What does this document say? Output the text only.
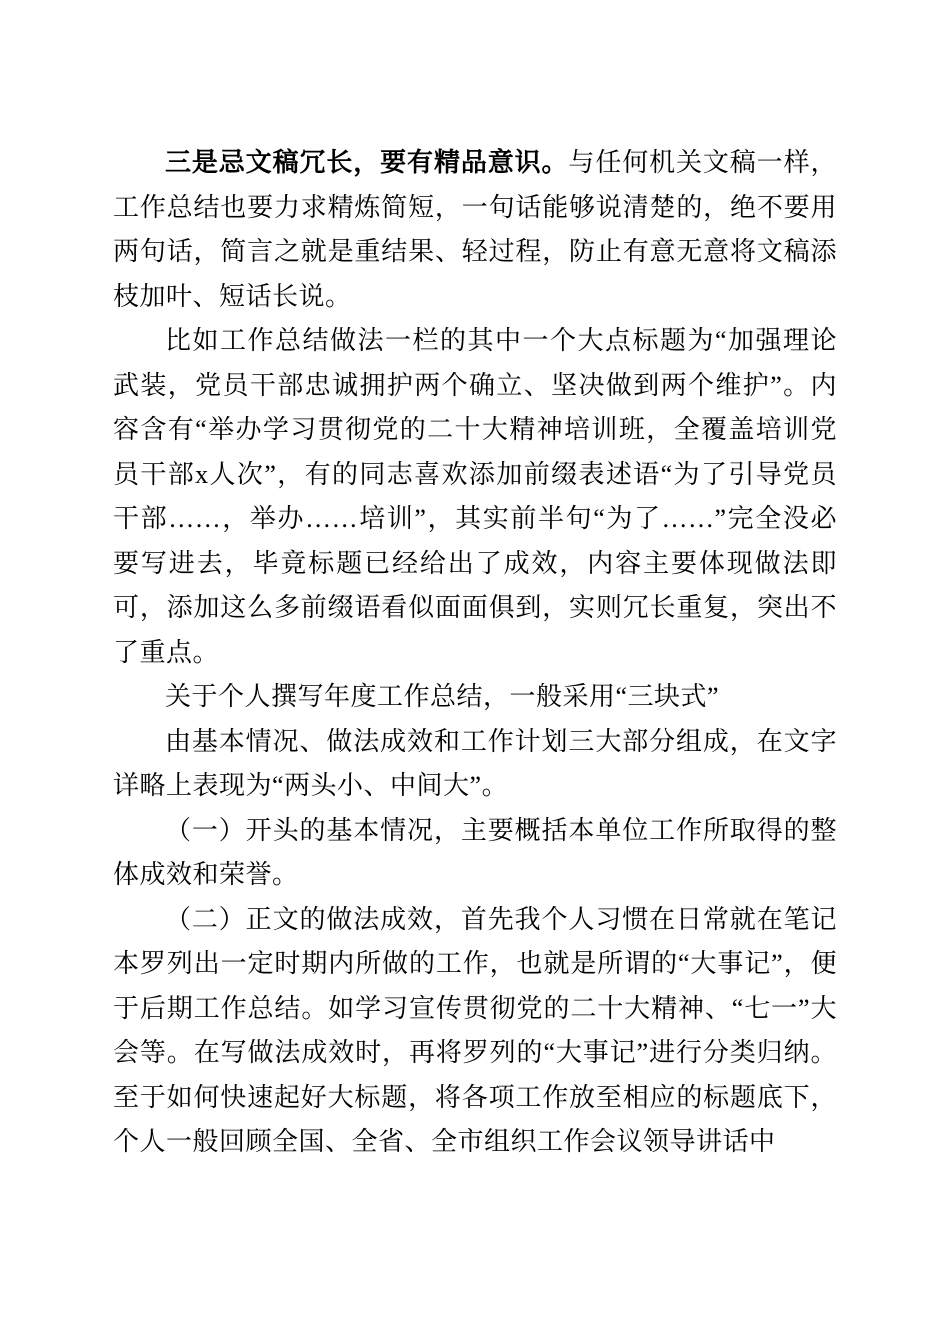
三是忌文稿冗长，要有精品意识。与任何机关文稿一样，工作总结也要力求精炼简短，一句话能够说清楚的，绝不要用两句话，简言之就是重结果、轻过程，防止有意无意将文稿添枝加叶、短话长说。

比如工作总结做法一栏的其中一个大点标题为“加强理论武装，党员干部忠诚拥护两个确立、坚决做到两个维护”。内容含有“举办学习贯彻党的二十大精神培训班，全覆盖培训党员干部x人次”，有的同志喜欢添加前缀表述语“为了引导党员干部……，举办……培训”，其实前半句“为了……”完全没必要写进去，毕竟标题已经给出了成效，内容主要体现做法即可，添加这么多前缀语看似面面俱到，实则冗长重复，突出不了重点。

关于个人撰写年度工作总结，一般采用“三块式”

由基本情况、做法成效和工作计划三大部分组成，在文字详略上表现为“两头小、中间大”。

（一）开头的基本情况，主要概括本单位工作所取得的整体成效和荣誉。

（二）正文的做法成效，首先我个人习惯在日常就在笔记本罗列出一定时期内所做的工作，也就是所谓的“大事记”，便于后期工作总结。如学习宣传贯彻党的二十大精神、“七一”大会等。在写做法成效时，再将罗列的“大事记”进行分类归纳。至于如何快速起好大标题，将各项工作放至相应的标题底下，个人一般回顾全国、全省、全市组织工作会议领导讲话中
